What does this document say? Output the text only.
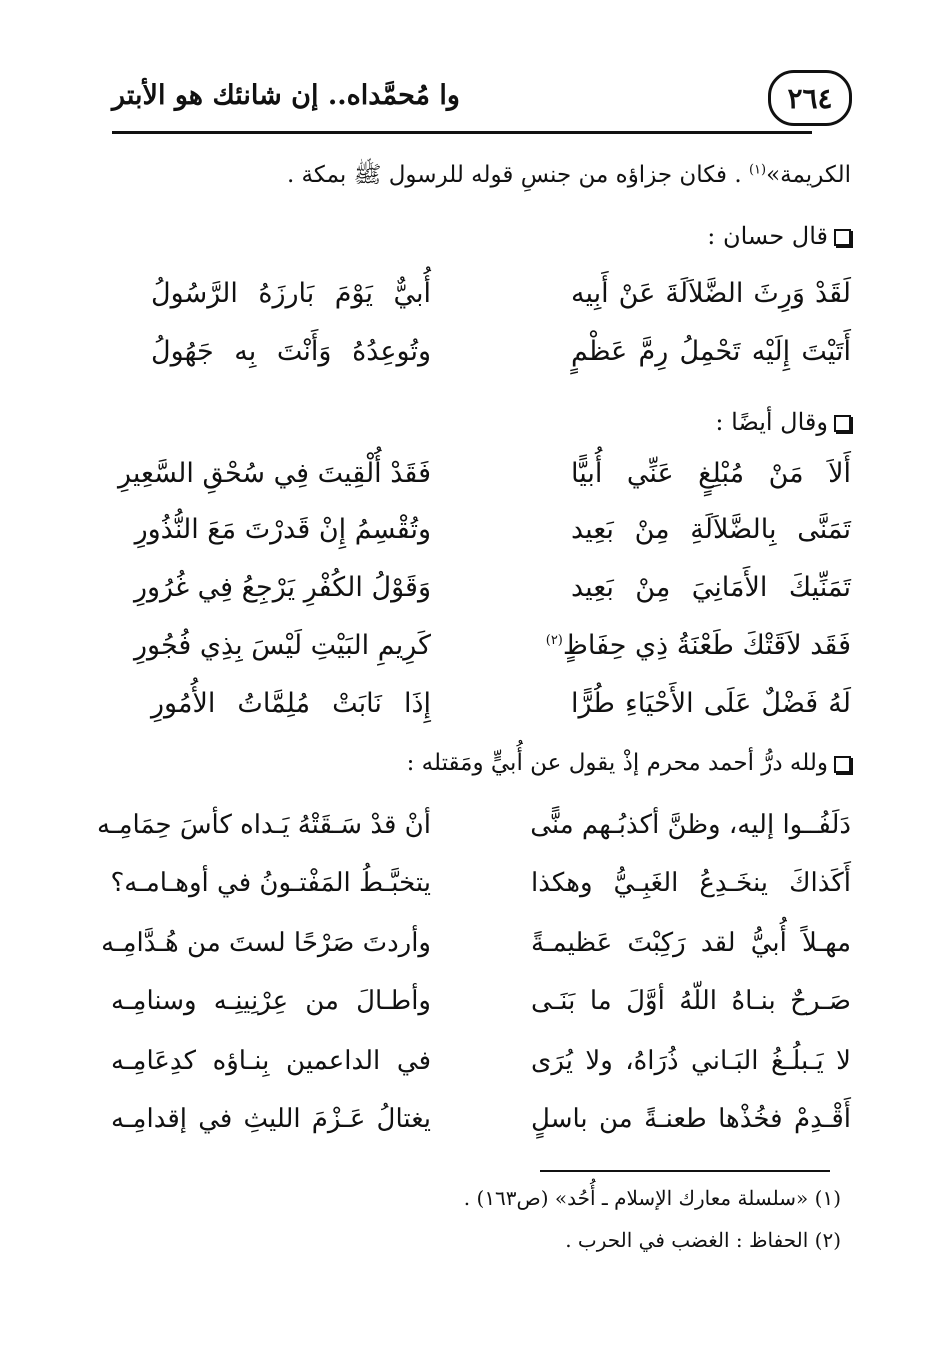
٢٦٤
وا مُحمَّداه.. إن شانئك هو الأبتر
الكريمة»$^{(١)}$ . فكان جزاؤه من جنسِ قوله للرسول ﷺ بمكة .
قال حسان :
لَقَدْ وَرِثَ الضَّلاَلَةَ عَنْ أَبِيه
أُبيٌّ يَوْمَ بَارزَهُ الرَّسُولُ
أَتَيْتَ إِلَيْه تَحْمِلُ رِمَّ عَظْمٍ
وتُوعِدُهُ وَأَنْتَ بِه جَهُولُ
وقال أيضًا :
أَلاَ مَنْ مُبْلِغٍ عَنِّي أُبيًّا
فَقَدْ أُلْقِيتَ فِي سُحْقِ السَّعِيرِ
تَمَنَّى بِالضَّلاَلَةِ مِنْ بَعِيد
وتُقْسِمُ إِنْ قَدرْتَ مَعَ النُّذُورِ
تَمَنِّيكَ الأَمَانِيَ مِنْ بَعِيد
وَقَوْلُ الكُفْرِ يَرْجِعُ فِي غُرُورِ
فَقَد لاَقَتْكَ طَعْنَةُ ذِي حِفَاظٍ$^{(٢)}$
كَرِيمِ البَيْتِ لَيْسَ بِذِي فُجُورِ
لَهُ فَضْلٌ عَلَى الأَحْيَاءِ طُرًّا
إِذَا نَابَتْ مُلِمَّاتُ الأُمُورِ
ولله درُّ أحمد محرم إذْ يقول عن أُبيٍّ ومَقتله :
دَلَفُــوا إليه، وظنَّ أكذبُـهم منًّى
أنْ قدْ سَـقَتْهُ يَـداه كأسَ حِمَامِـه
أَكَذاكَ ينخَـدِعُ الغَبِـيُّ وهكذا
يتخبَّـطُ المَفْتـونُ في أوهـامـه؟
مهـلاً أُبيُّ لقد رَكِبْتَ عَظيمـةً
وأردتَ صَرْحًا لستَ من هُـدَّامِـه
صَـرحٌ بنـاهُ اللّهُ أوَّلَ ما بَنَـى
وأطـالَ من عِرْنِينِـه وسنامِـه
لا يَـبلُـغُ البَـاني ذُرَاهُ، ولا يُرَى
في الداعمين بِنـاؤه كدِعَامِـه
أَقْـدِمْ فخُذْها طعنـةً من باسلٍ
يغتالُ عَـزْمَ الليثِ في إقدامِـه
(١) «سلسلة معارك الإسلام ـ أُحُد» (ص١٦٣) .
(٢) الحفاظ : الغضب في الحرب .
